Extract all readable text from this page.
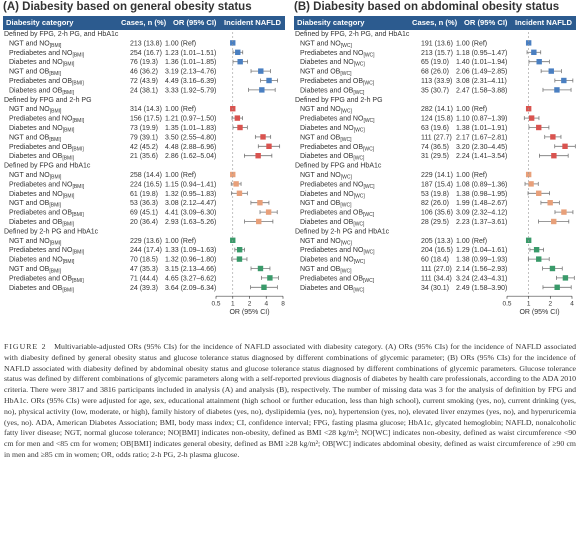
(A) Diabesity based on general obesity status
Diabesity category	Cases, n (%) OR (95% CI) Incident NAFLD
Defined by FPG, 2-h PG, and HbA1c
NGT and $NO_{[BMI]}$	213 (13.8) 1.00 (Ref)
Prediabetes and $NO_{[BMI]}$	254 (16.7) 1.23 (1.01–1.51)
Diabetes and $NO_{[BMI]}$	76 (19.3) 1.36 (1.01–1.85)
NGT and $OB_{[BMI]}$	46 (36.2) 3.19 (2.13–4.76)
Prediabetes and $OB_{[BMI]}$	72 (43.9) 4.49 (3.16–6.39)
Diabetes and $OB_{[BMI]}$	24 (38.1) 3.33 (1.92–5.79)
Defined by FPG and 2-h PG
NGT and $NO_{[BMI]}$	314 (14.3) 1.00 (Ref)
Prediabetes and $NO_{[BMI]}$	156 (17.5) 1.21 (0.97–1.50)
Diabetes and $NO_{[BMI]}$	73 (19.9) 1.35 (1.01–1.83)
NGT and $OB_{[BMI]}$	79 (39.1) 3.50 (2.55–4.80)
Prediabetes and $OB_{[BMI]}$	42 (45.2) 4.48 (2.88–6.96)
Diabetes and $OB_{[BMI]}$	21 (35.6) 2.86 (1.62–5.04)
Defined by FPG and HbA1c
NGT and $NO_{[BMI]}$	258 (14.4) 1.00 (Ref)
Prediabetes and $NO_{[BMI]}$	224 (16.5) 1.15 (0.94–1.41)
Diabetes and $NO_{[BMI]}$	61 (19.8) 1.32 (0.95–1.83)
NGT and $OB_{[BMI]}$	53 (36.3) 3.08 (2.12–4.47)
Prediabetes and $OB_{[BMI]}$	69 (45.1) 4.41 (3.09–6.30)
Diabetes and $OB_{[BMI]}$	20 (36.4) 2.93 (1.63–5.26)
Defined by 2-h PG and HbA1c
NGT and $NO_{[BMI]}$	229 (13.6) 1.00 (Ref)
Prediabetes and $NO_{[BMI]}$	244 (17.4) 1.33 (1.09–1.63)
Diabetes and $NO_{[BMI]}$	70 (18.5) 1.32 (0.96–1.80)
NGT and $OB_{[BMI]}$	47 (35.3) 3.15 (2.13–4.66)
Prediabetes and $OB_{[BMI]}$	71 (44.4) 4.65 (3.27–6.62)
Diabetes and $OB_{[BMI]}$	24 (39.3) 3.64 (2.09–6.34)
0.5 1 2 4 8
OR (95% CI)
(B) Diabesity based on abdominal obesity status
Diabesity category	Cases, n (%) OR (95% CI) Incident NAFLD
Defined by FPG, 2-h PG, and HbA1c
NGT and $NO_{[WC]}$	191 (13.6) 1.00 (Ref)
Prediabetes and $NO_{[WC]}$	213 (15.7) 1.18 (0.95–1.47)
Diabetes and $NO_{[WC]}$	65 (19.0) 1.40 (1.01–1.94)
NGT and $OB_{[WC]}$	68 (26.0) 2.06 (1.49–2.85)
Prediabetes and $OB_{[WC]}$	113 (33.9) 3.08 (2.31–4.11)
Diabetes and $OB_{[WC]}$	35 (30.7) 2.47 (1.58–3.88)
Defined by FPG and 2-h PG
NGT and $NO_{[WC]}$	282 (14.1) 1.00 (Ref)
Prediabetes and $NO_{[WC]}$	124 (15.8) 1.10 (0.87–1.39)
Diabetes and $NO_{[WC]}$	63 (19.6) 1.38 (1.01–1.91)
NGT and $OB_{[WC]}$	111 (27.7) 2.17 (1.67–2.81)
Prediabetes and $OB_{[WC]}$	74 (36.5) 3.20 (2.30–4.45)
Diabetes and $OB_{[WC]}$	31 (29.5) 2.24 (1.41–3.54)
Defined by FPG and HbA1c
NGT and $NO_{[WC]}$	229 (14.1) 1.00 (Ref)
Prediabetes and $NO_{[WC]}$	187 (15.4) 1.08 (0.89–1.36)
Diabetes and $NO_{[WC]}$	53 (19.8) 1.38 (0.98–1.95)
NGT and $OB_{[WC]}$	82 (26.0) 1.99 (1.48–2.67)
Prediabetes and $OB_{[WC]}$	106 (35.6) 3.09 (2.32–4.12)
Diabetes and $OB_{[WC]}$	28 (29.5) 2.23 (1.37–3.61)
Defined by 2-h PG and HbA1c
NGT and $NO_{[WC]}$	205 (13.3) 1.00 (Ref)
Prediabetes and $NO_{[WC]}$	204 (16.5) 1.29 (1.04–1.61)
Diabetes and $NO_{[WC]}$	60 (18.4) 1.38 (0.99–1.93)
NGT and $OB_{[WC]}$	111 (27.0) 2.14 (1.56–2.93)
Prediabetes and $OB_{[WC]}$	111 (34.4) 3.24 (2.43–4.31)
Diabetes and $OB_{[WC]}$	34 (30.1) 2.49 (1.58–3.90)
0.5 1	2	4
OR (95% CI)
FIGURE 2 Multivariable-adjusted ORs (95% CIs) for the incidence of NAFLD associated with diabesity category. (A) ORs (95% CIs) for the incidence of NAFLD associated with diabesity defined by general obesity status and glucose tolerance status diagnosed by different combinations of glycemic parameter; (B) ORs (95% CIs) for the incidence of NAFLD associated with diabesity defined by abdominal obesity status and glucose tolerance status diagnosed by different combinations of glycemic parameters. Glucose tolerance status was defined by different combinations of glycemic parameters along with a self-reported previous diagnosis of diabetes by health care professionals, according to the ADA 2010 criteria. There were 3817 and 3816 participants included in analysis (A) and analysis (B), respectively. The number of missing data was 3 for the analysis of definition by FPG and HbA1c. ORs (95% CIs) were adjusted for age, sex, educational attainment (high school or further education, less than high school), current smoking (yes, no), current drinking (yes, no), physical activity (low, moderate, or high), family history of diabetes (yes, no), dyslipidemia (yes, no), hypertension (yes, no), elevated liver enzymes (yes, no), and hyperuricemia (yes, no). ADA, American Diabetes Association; BMI, body mass index; CI, confidence interval; FPG, fasting plasma glucose; HbA1c, glycated hemoglobin; NAFLD, nonalcoholic fatty liver disease; NGT, normal glucose tolerance; NO[BMI] indicates non-obesity, defined as BMI <28 kg/m²; NO[WC] indicates non-obesity, defined as waist circumference <90 cm for men and <85 cm for women; OB[BMI] indicates general obesity, defined as BMI ≥28 kg/m²; OB[WC] indicates abdominal obesity, defined as waist circumference of ≥90 cm in men and ≥85 cm in women; OR, odds ratio; 2-h PG, 2-h plasma glucose.
